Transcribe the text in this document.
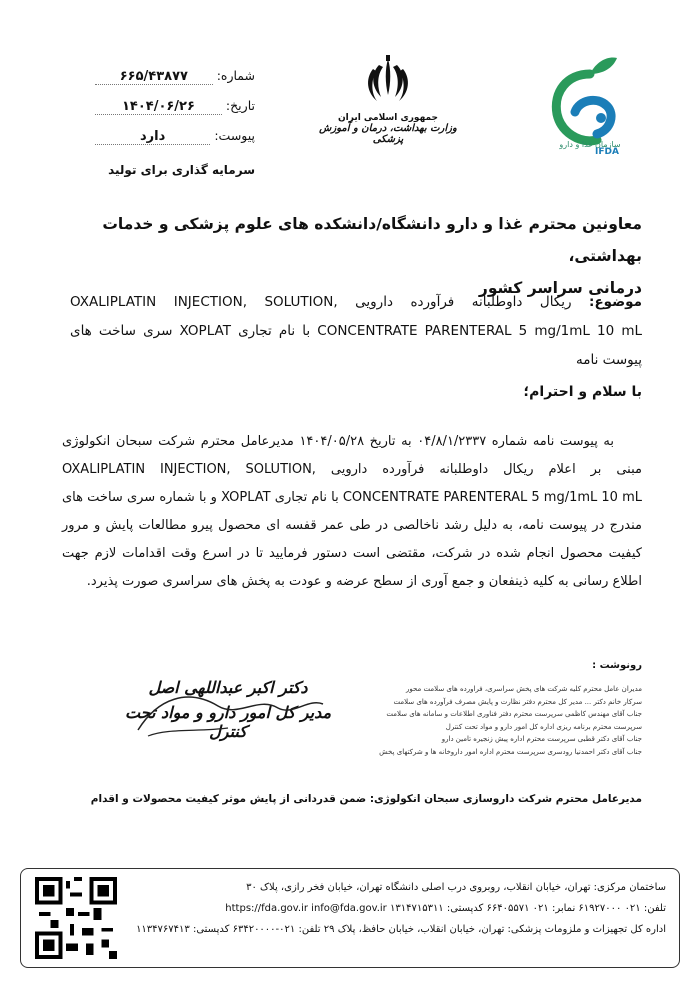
شماره:
۶۶۵/۴۳۸۷۷
تاریخ:
۱۴۰۴/۰۶/۲۶
پیوست:
دارد
سرمایه گذاری برای تولید
جمهوری اسلامی ایران
وزارت بهداشت، درمان و آموزش پزشکی	سازمان غذا و دارو
IFDA
معاونین محترم غذا و دارو دانشگاه/دانشکده های علوم پزشکی و خدمات بهداشتی،
درمانی سراسر کشور
موضوع: ریکال داوطلبانه فرآورده دارویی OXALIPLATIN INJECTION, SOLUTION, CONCENTRATE PARENTERAL 5 mg/1mL 10 mL با نام تجاری XOPLAT سری ساخت های پیوست نامه
با سلام و احترام؛
به پیوست نامه شماره ۰۴/۸/۱/۲۳۳۷ به تاریخ ۱۴۰۴/۰۵/۲۸ مدیرعامل محترم شرکت سبحان انکولوژی مبنی بر اعلام ریکال داوطلبانه فرآورده دارویی OXALIPLATIN INJECTION, SOLUTION, CONCENTRATE PARENTERAL 5 mg/1mL 10 mL با نام تجاری XOPLAT و با شماره سری ساخت های مندرج در پیوست نامه، به دلیل رشد ناخالصی در طی عمر قفسه ای محصول پیرو مطالعات پایش و مرور کیفیت محصول انجام شده در شرکت، مقتضی است دستور فرمایید تا در اسرع وقت اقدامات لازم جهت اطلاع رسانی به کلیه ذینفعان و جمع آوری از سطح عرضه و عودت به پخش های سراسری صورت پذیرد.
دکتر اکبر عبداللهی اصل
مدیر کل امور دارو و مواد تحت کنترل
رونوشت :
مدیران عامل محترم کلیه شرکت های پخش سراسری، فراورده های سلامت محور
سرکار خانم دکتر ... مدیر کل محترم دفتر نظارت و پایش مصرف فرآورده های سلامت
جناب آقای مهندس کاظمی سرپرست محترم دفتر فناوری اطلاعات و سامانه های سلامت
سرپرست محترم برنامه ریزی اداره کل امور دارو و مواد تحت کنترل
جناب آقای دکتر قطبی سرپرست محترم اداره پیش زنجیره تامین دارو
جناب آقای دکتر احمدنیا رودسری سرپرست محترم اداره امور داروخانه ها و شرکتهای پخش
مدیرعامل محترم شرکت داروسازی سبحان انکولوژی: ضمن قدردانی از پایش موثر کیفیت محصولات و اقدام
ساختمان مرکزی: تهران، خیابان انقلاب، روبروی درب اصلی دانشگاه تهران، خیابان فخر رازی، پلاک ۳۰
تلفن: ۰۲۱ ۶۱۹۲۷۰۰۰ نمابر: ۰۲۱ ۶۶۴۰۵۵۷۱ کدپستی: ۱۳۱۴۷۱۵۳۱۱ https://fda.gov.ir info@fda.gov.ir
اداره کل تجهیزات و ملزومات پزشکی: تهران، خیابان انقلاب، خیابان حافظ، پلاک ۲۹ تلفن: ۰۲۱-۶۳۴۲۰۰۰۰ کدپستی: ۱۱۳۴۷۶۷۴۱۳
